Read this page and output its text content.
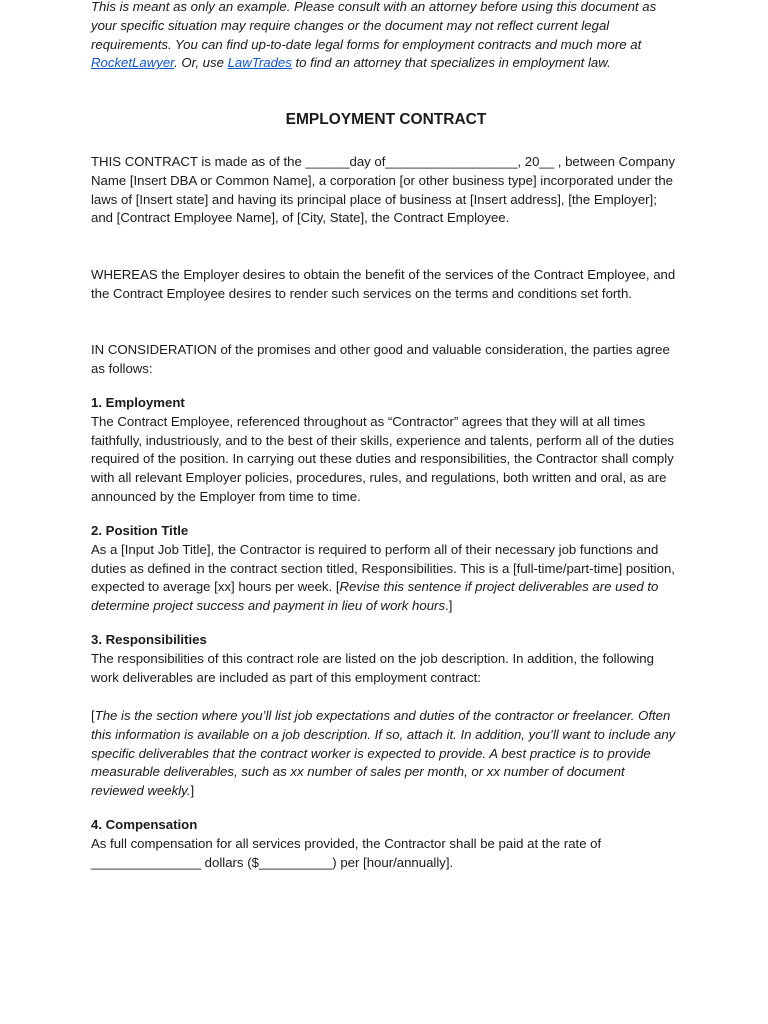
This is meant as only an example. Please consult with an attorney before using this document as your specific situation may require changes or the document may not reflect current legal requirements. You can find up-to-date legal forms for employment contracts and much more at RocketLawyer. Or, use LawTrades to find an attorney that specializes in employment law.

EMPLOYMENT CONTRACT

THIS CONTRACT is made as of the ______day of__________________, 20__ , between Company Name [Insert DBA or Common Name], a corporation [or other business type] incorporated under the laws of [Insert state] and having its principal place of business at [Insert address], [the Employer]; and [Contract Employee Name], of [City, State], the Contract Employee.

WHEREAS the Employer desires to obtain the benefit of the services of the Contract Employee, and the Contract Employee desires to render such services on the terms and conditions set forth.

IN CONSIDERATION of the promises and other good and valuable consideration, the parties agree as follows:

1. Employment

The Contract Employee, referenced throughout as “Contractor” agrees that they will at all times faithfully, industriously, and to the best of their skills, experience and talents, perform all of the duties required of the position. In carrying out these duties and responsibilities, the Contractor shall comply with all relevant Employer policies, procedures, rules, and regulations, both written and oral, as are announced by the Employer from time to time.

2. Position Title

As a [Input Job Title], the Contractor is required to perform all of their necessary job functions and duties as defined in the contract section titled, Responsibilities. This is a [full-time/part-time] position, expected to average [xx] hours per week. [Revise this sentence if project deliverables are used to determine project success and payment in lieu of work hours.]

3. Responsibilities

The responsibilities of this contract role are listed on the job description. In addition, the following work deliverables are included as part of this employment contract:

[The is the section where you’ll list job expectations and duties of the contractor or freelancer. Often this information is available on a job description. If so, attach it. In addition, you’ll want to include any specific deliverables that the contract worker is expected to provide. A best practice is to provide measurable deliverables, such as xx number of sales per month, or xx number of document reviewed weekly.]

4. Compensation

As full compensation for all services provided, the Contractor shall be paid at the rate of _______________ dollars ($__________) per [hour/annually].
